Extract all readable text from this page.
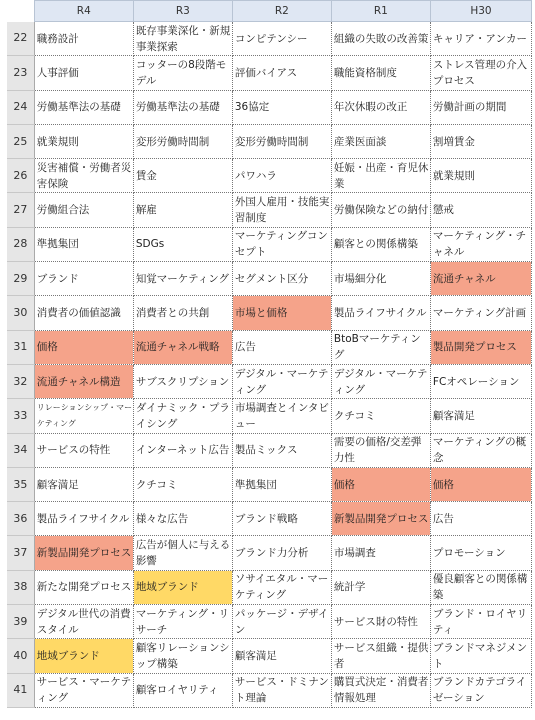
	R4	R3	R2	R1	H30
22	職務設計	既存事業深化・新規事業探索	コンピテンシー	組織の失敗の改善策	キャリア・アンカー

23	人事評価	コッターの8段階モデル	評価バイアス	職能資格制度	ストレス管理の介入プロセス

24	労働基準法の基礎	労働基準法の基礎	36協定	年次休暇の改正	労働計画の期間

25	就業規則	変形労働時間制	変形労働時間制	産業医面談	割増賃金

26	災害補償・労働者災害保険	賃金	パワハラ	妊娠・出産・育児休業	就業規則

27	労働組合法	解雇	外国人雇用・技能実習制度	労働保険などの納付	懲戒

28	準拠集団	SDGs	マーケティングコンセプト	顧客との関係構築	マーケティング・チャネル

29	ブランド	知覚マーケティング	セグメント区分	市場細分化	流通チャネル

30	消費者の価値認識	消費者との共創	市場と価格	製品ライフサイクル	マーケティング計画

31	価格	流通チャネル戦略	広告	BtoBマーケティング	製品開発プロセス

32	流通チャネル構造	サブスクリプション	デジタル・マーケティング	デジタル・マーケティング	FCオペレーション

33	リレーションシップ・マーケティング	ダイナミック・プライシング	市場調査とインタビュー	クチコミ	顧客満足

34	サービスの特性	インターネット広告	製品ミックス	需要の価格/交差弾力性	マーケティングの概念

35	顧客満足	クチコミ	準拠集団	価格	価格

36	製品ライフサイクル	様々な広告	ブランド戦略	新製品開発プロセス	広告

37	新製品開発プロセス	広告が個人に与える影響	ブランド力分析	市場調査	プロモーション

38	新たな開発プロセス	地域ブランド	ソサイエタル・マーケティング	統計学	優良顧客との関係構築

39	デジタル世代の消費スタイル	マーケティング・リサーチ	パッケージ・デザイン	サービス財の特性	ブランド・ロイヤリティ

40	地域ブランド	顧客リレーションシップ構築	顧客満足	サービス組織・提供者	ブランドマネジメント

41	サービス・マーケティング	顧客ロイヤリティ	サービス・ドミナント理論	購買式決定・消費者情報処理	ブランドカテゴライゼーション
